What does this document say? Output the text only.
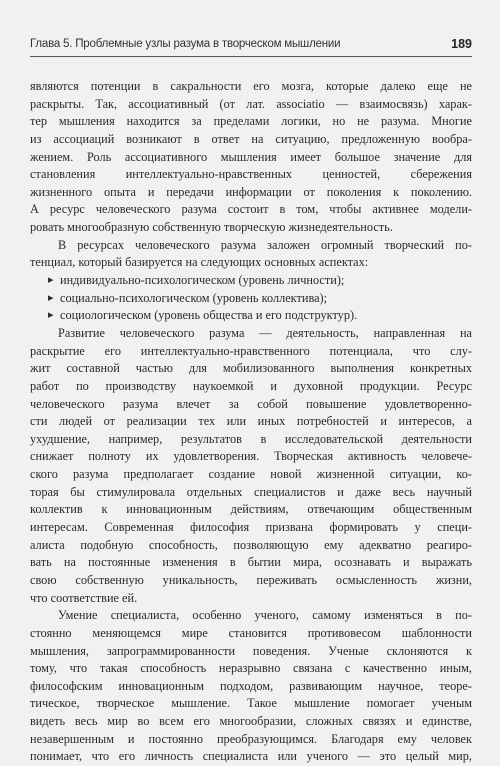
Глава 5. Проблемные узлы разума в творческом мышлении	189
являются потенции в сакральности его мозга, которые далеко еще не
раскрыты. Так, ассоциативный (от лат. associatio — взаимосвязь) харак-
тер мышления находится за пределами логики, но не разума. Многие
из ассоциаций возникают в ответ на ситуацию, предложенную вообра-
жением. Роль ассоциативного мышления имеет большое значение для
становления интеллектуально-нравственных ценностей, сбережения
жизненного опыта и передачи информации от поколения к поколению.
А ресурс человеческого разума состоит в том, чтобы активнее модели-
ровать многообразную собственную творческую жизнедеятельность.
В ресурсах человеческого разума заложен огромный творческий по-
тенциал, который базируется на следующих основных аспектах:
▸ индивидуально-психологическом (уровень личности);
▸ социально-психологическом (уровень коллектива);
▸ социологическом (уровень общества и его подструктур).
Развитие человеческого разума — деятельность, направленная на
раскрытие его интеллектуально-нравственного потенциала, что слу-
жит составной частью для мобилизованного выполнения конкретных
работ по производству наукоемкой и духовной продукции. Ресурс
человеческого разума влечет за собой повышение удовлетворенно-
сти людей от реализации тех или иных потребностей и интересов, а
ухудшение, например, результатов в исследовательской деятельности
снижает полноту их удовлетворения. Творческая активность человече-
ского разума предполагает создание новой жизненной ситуации, ко-
торая бы стимулировала отдельных специалистов и даже весь научный
коллектив к инновационным действиям, отвечающим общественным
интересам. Современная философия призвана формировать у специ-
алиста подобную способность, позволяющую ему адекватно реагиро-
вать на постоянные изменения в бытии мира, осознавать и выражать
свою собственную уникальность, переживать осмысленность жизни,
что соответствие ей.
Умение специалиста, особенно ученого, самому изменяться в по-
стоянно меняющемся мире становится противовесом шаблонности
мышления, запрограммированности поведения. Ученые склоняются к
тому, что такая способность неразрывно связана с качественно иным,
философским инновационным подходом, развивающим научное, теоре-
тическое, творческое мышление. Такое мышление помогает ученым
видеть весь мир во всем его многообразии, сложных связях и единстве,
незавершенным и постоянно преобразующимся. Благодаря ему человек
понимает, что его личность специалиста или ученого — это целый мир,
